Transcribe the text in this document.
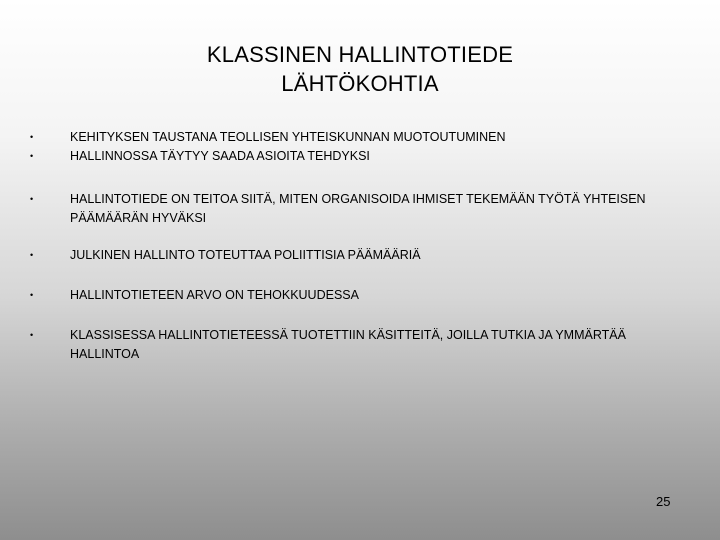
KLASSINEN HALLINTOTIEDE
LÄHTÖKOHTIA
•	KEHITYKSEN TAUSTANA TEOLLISEN YHTEISKUNNAN MUOTOUTUMINEN
•	HALLINNOSSA TÄYTYY SAADA ASIOITA TEHDYKSI
•	HALLINTOTIEDE ON TEITOA SIITÄ, MITEN ORGANISOIDA IHMISET TEKEMÄÄN TYÖTÄ YHTEISEN PÄÄMÄÄRÄN HYVÄKSI
•	JULKINEN HALLINTO TOTEUTTAA POLIITTISIA PÄÄMÄÄRIÄ
•	HALLINTOTIETEEN ARVO ON TEHOKKUUDESSA
•	KLASSISESSA HALLINTOTIETEESSÄ TUOTETTIIN KÄSITTEITÄ, JOILLA TUTKIA JA YMMÄRTÄÄ HALLINTOA
25
